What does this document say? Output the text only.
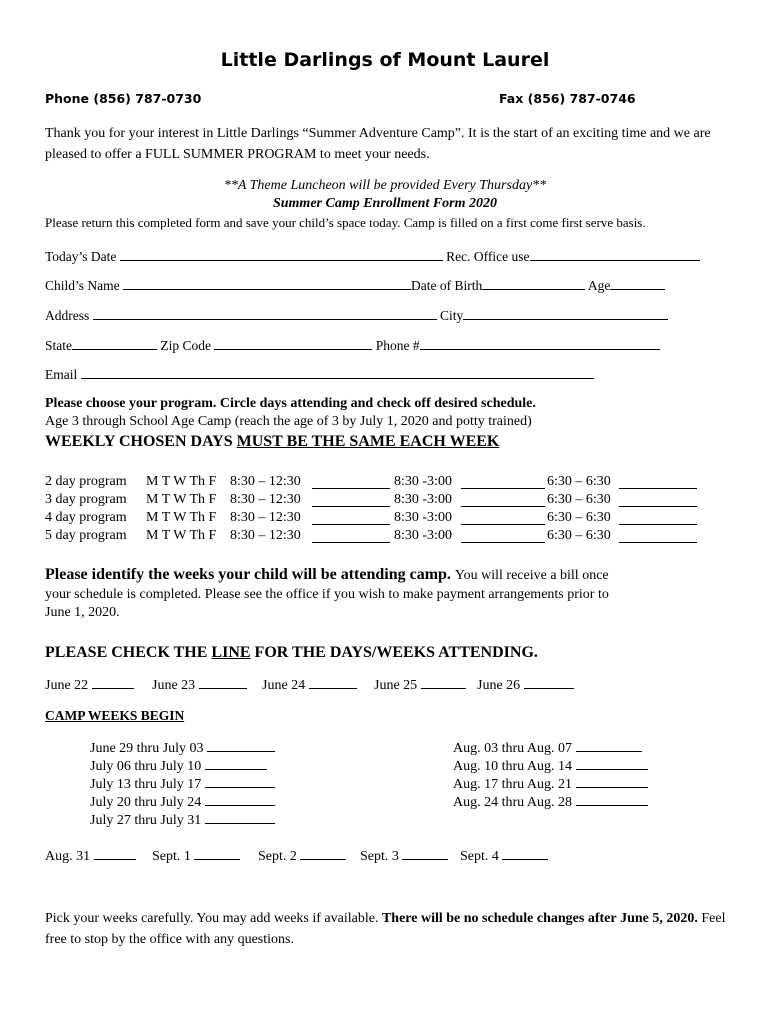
Little Darlings of Mount Laurel
Phone (856) 787-0730	Fax (856) 787-0746
Thank you for your interest in Little Darlings “Summer Adventure Camp”. It is the start of an exciting time and we are pleased to offer a FULL SUMMER PROGRAM to meet your needs.
**A Theme Luncheon will be provided Every Thursday**
Summer Camp Enrollment Form 2020
Please return this completed form and save your child’s space today. Camp is filled on a first come first serve basis.
Today’s Date	Rec. Office use
Child’s Name	Date of Birth	Age
Address	City
State	Zip Code	Phone #
Email
Please choose your program. Circle days attending and check off desired schedule.
Age 3 through School Age Camp (reach the age of 3 by July 1, 2020 and potty trained)
WEEKLY CHOSEN DAYS MUST BE THE SAME EACH WEEK
2 day program M T W Th F 8:30 – 12:30	8:30 -3:00	6:30 – 6:30
3 day program M T W Th F 8:30 – 12:30	8:30 -3:00	6:30 – 6:30
4 day program M T W Th F 8:30 – 12:30	8:30 -3:00	6:30 – 6:30
5 day program M T W Th F 8:30 – 12:30	8:30 -3:00	6:30 – 6:30
Please identify the weeks your child will be attending camp. You will receive a bill once
your schedule is completed. Please see the office if you wish to make payment arrangements prior to
June 1, 2020.
PLEASE CHECK THE LINE FOR THE DAYS/WEEKS ATTENDING.
June 22	June 23	June 24	June 25	June 26
CAMP WEEKS BEGIN
June 29 thru July 03
July 06 thru July 10
July 13 thru July 17
July 20 thru July 24
July 27 thru July 31
Aug. 03 thru Aug. 07
Aug. 10 thru Aug. 14
Aug. 17 thru Aug. 21
Aug. 24 thru Aug. 28
Aug. 31	Sept. 1	Sept. 2	Sept. 3	Sept. 4
Pick your weeks carefully. You may add weeks if available. There will be no schedule changes after June 5, 2020. Feel free to stop by the office with any questions.
